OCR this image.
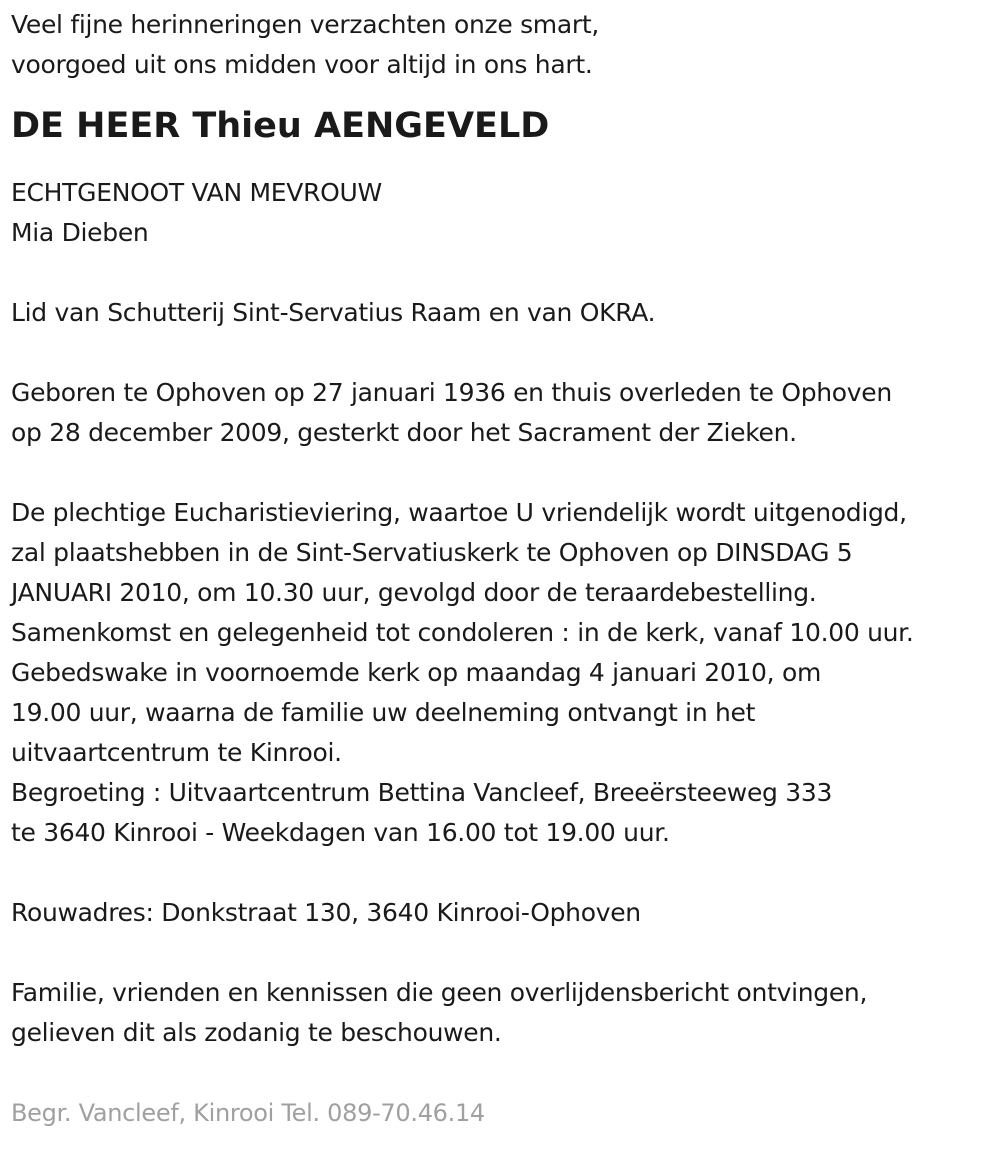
Veel fijne herinneringen verzachten onze smart,
voorgoed uit ons midden voor altijd in ons hart.
DE HEER Thieu AENGEVELD
ECHTGENOOT VAN MEVROUW
Mia Dieben
Lid van Schutterij Sint-Servatius Raam en van OKRA.
Geboren te Ophoven op 27 januari 1936 en thuis overleden te Ophoven
op 28 december 2009, gesterkt door het Sacrament der Zieken.
De plechtige Eucharistieviering, waartoe U vriendelijk wordt uitgenodigd,
zal plaatshebben in de Sint-Servatiuskerk te Ophoven op DINSDAG 5
JANUARI 2010, om 10.30 uur, gevolgd door de teraardebestelling.
Samenkomst en gelegenheid tot condoleren : in de kerk, vanaf 10.00 uur.
Gebedswake in voornoemde kerk op maandag 4 januari 2010, om
19.00 uur, waarna de familie uw deelneming ontvangt in het
uitvaartcentrum te Kinrooi.
Begroeting : Uitvaartcentrum Bettina Vancleef, Breeërsteeweg 333
te 3640 Kinrooi - Weekdagen van 16.00 tot 19.00 uur.
Rouwadres: Donkstraat 130, 3640 Kinrooi-Ophoven
Familie, vrienden en kennissen die geen overlijdensbericht ontvingen,
gelieven dit als zodanig te beschouwen.
Begr. Vancleef, Kinrooi Tel. 089-70.46.14
